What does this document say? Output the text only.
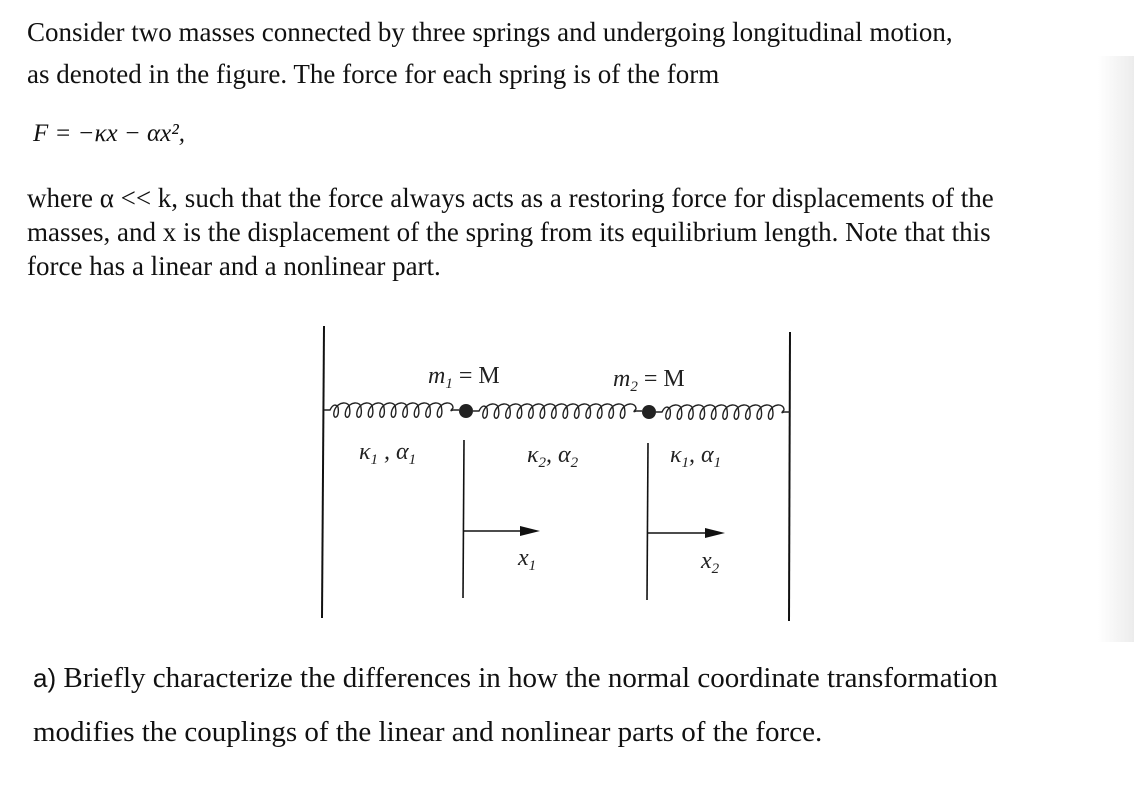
Consider two masses connected by three springs and undergoing longitudinal motion,
as denoted in the figure. The force for each spring is of the form
F = −κx − αx²,
where α << k, such that the force always acts as a restoring force for displacements of the
masses, and x is the displacement of the spring from its equilibrium length. Note that this
force has a linear and a nonlinear part.
$m_1 = M$	$m_2 = M$
$\kappa_1$ , $\alpha_1$	$\kappa_2$, $\alpha_2$	$\kappa_1$, $\alpha_1$
$x_1$	$x_2$
a) Briefly characterize the differences in how the normal coordinate transformation
modifies the couplings of the linear and nonlinear parts of the force.
